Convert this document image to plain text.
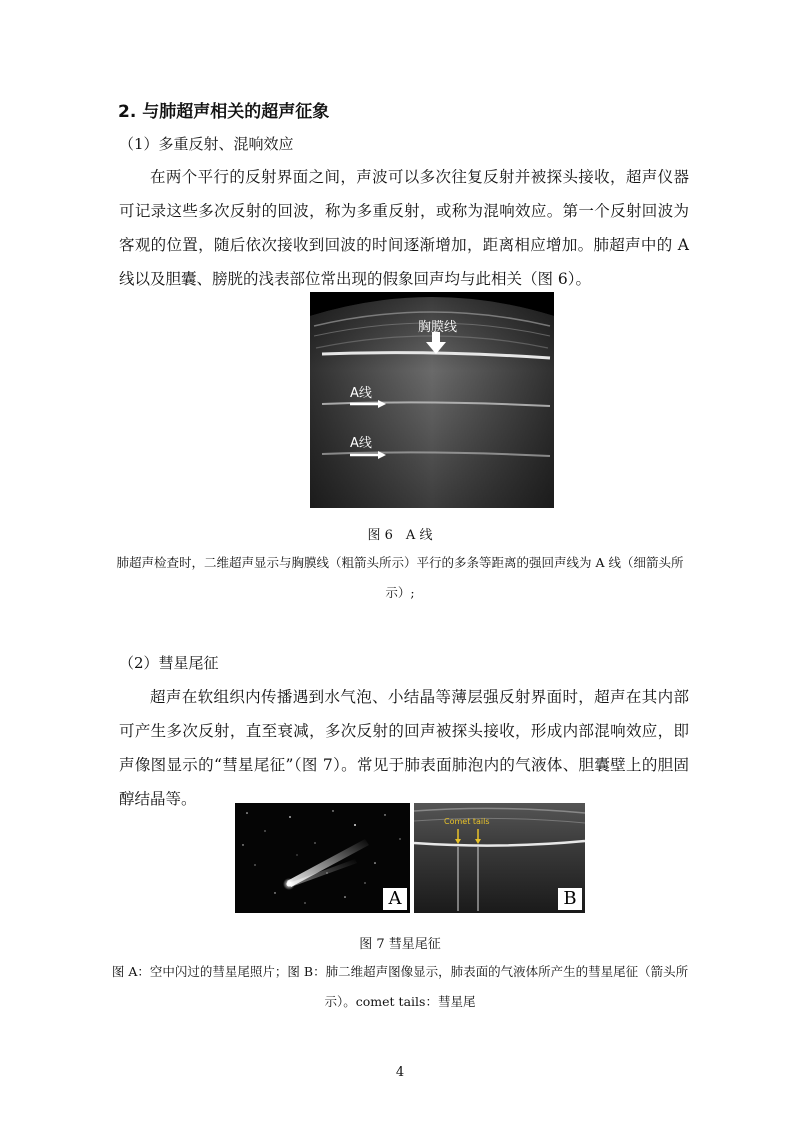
2. 与肺超声相关的超声征象
（1）多重反射、混响效应

在两个平行的反射界面之间，声波可以多次往复反射并被探头接收，超声仪器可记录这些多次反射的回波，称为多重反射，或称为混响效应。第一个反射回波为客观的位置，随后依次接收到回波的时间逐渐增加，距离相应增加。肺超声中的 A 线以及胆囊、膀胱的浅表部位常出现的假象回声均与此相关（图 6）。

胸膜线
A线
A线
图 6　A 线
肺超声检查时，二维超声显示与胸膜线（粗箭头所示）平行的多条等距离的强回声线为 A 线（细箭头所示）;
（2）彗星尾征

超声在软组织内传播遇到水气泡、小结晶等薄层强反射界面时，超声在其内部可产生多次反射，直至衰减，多次反射的回声被探头接收，形成内部混响效应，即声像图显示的“彗星尾征”（图 7）。常见于肺表面肺泡内的气液体、胆囊壁上的胆固醇结晶等。

A
Comet tails
B
图 7 彗星尾征
图 A：空中闪过的彗星尾照片；图 B：肺二维超声图像显示，肺表面的气液体所产生的彗星尾征（箭头所示）。comet tails：彗星尾
4
